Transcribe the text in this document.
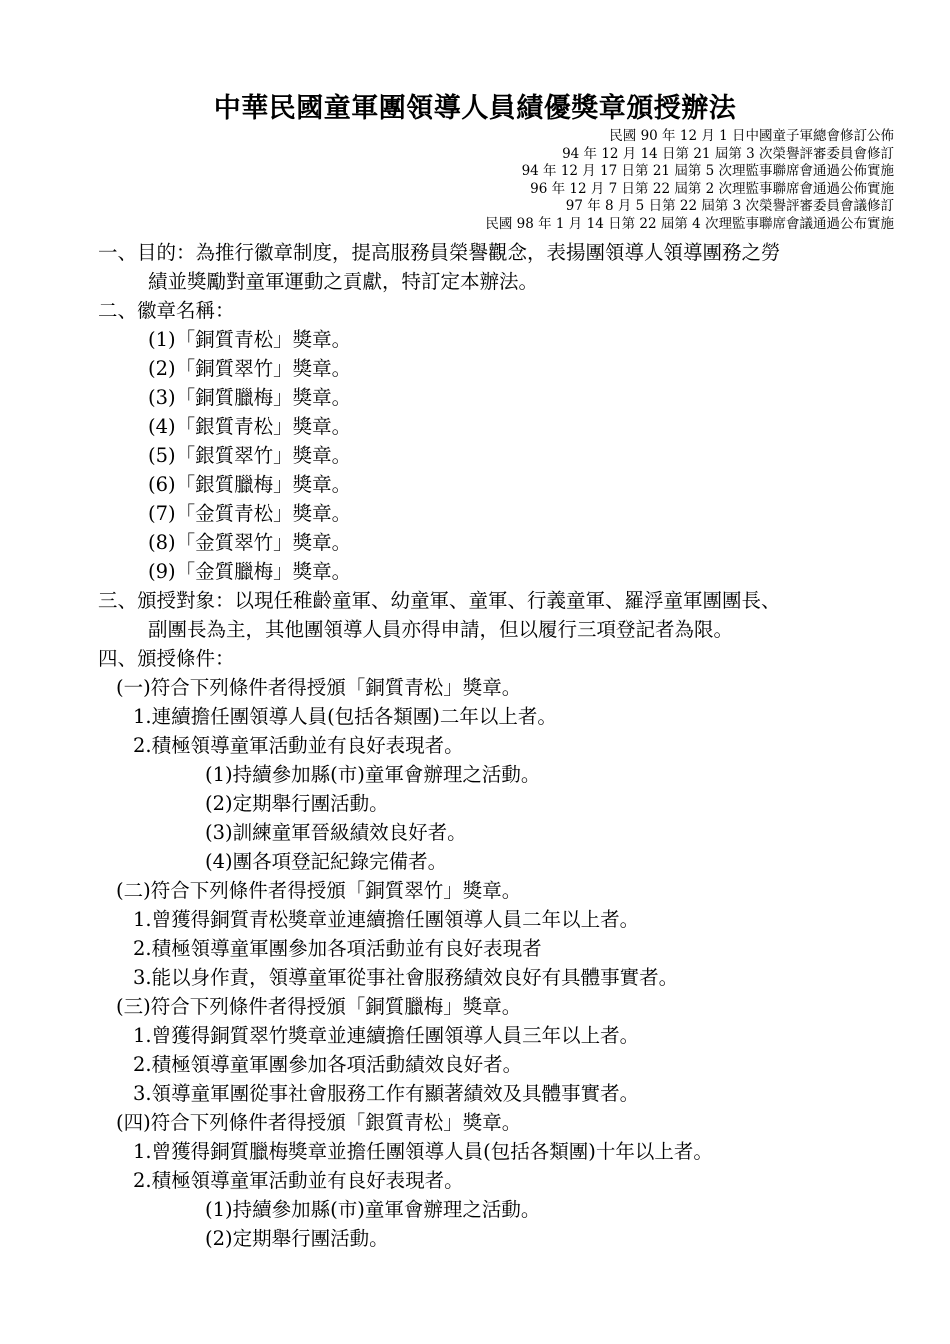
中華民國童軍團領導人員績優獎章頒授辦法
民國 90 年 12 月 1 日中國童子軍總會修訂公佈
94 年 12 月 14 日第 21 屆第 3 次榮譽評審委員會修訂
94 年 12 月 17 日第 21 屆第 5 次理監事聯席會通過公佈實施
96 年 12 月 7 日第 22 屆第 2 次理監事聯席會通過公佈實施
97 年 8 月 5 日第 22 屆第 3 次榮譽評審委員會議修訂
民國 98 年 1 月 14 日第 22 屆第 4 次理監事聯席會議通過公布實施
一、目的：為推行徽章制度，提高服務員榮譽觀念，表揚團領導人領導團務之勞
績並獎勵對童軍運動之貢獻，特訂定本辦法。
二、徽章名稱：
(1)「銅質青松」獎章。
(2)「銅質翠竹」獎章。
(3)「銅質臘梅」獎章。
(4)「銀質青松」獎章。
(5)「銀質翠竹」獎章。
(6)「銀質臘梅」獎章。
(7)「金質青松」獎章。
(8)「金質翠竹」獎章。
(9)「金質臘梅」獎章。
三、頒授對象：以現任稚齡童軍、幼童軍、童軍、行義童軍、羅浮童軍團團長、
副團長為主，其他團領導人員亦得申請，但以履行三項登記者為限。
四、頒授條件：
(一)符合下列條件者得授頒「銅質青松」獎章。
1.連續擔任團領導人員(包括各類團)二年以上者。
2.積極領導童軍活動並有良好表現者。
(1)持續參加縣(市)童軍會辦理之活動。
(2)定期舉行團活動。
(3)訓練童軍晉級績效良好者。
(4)團各項登記紀錄完備者。
(二)符合下列條件者得授頒「銅質翠竹」獎章。
1.曾獲得銅質青松獎章並連續擔任團領導人員二年以上者。
2.積極領導童軍團參加各項活動並有良好表現者
3.能以身作責，領導童軍從事社會服務績效良好有具體事實者。
(三)符合下列條件者得授頒「銅質臘梅」獎章。
1.曾獲得銅質翠竹獎章並連續擔任團領導人員三年以上者。
2.積極領導童軍團參加各項活動績效良好者。
3.領導童軍團從事社會服務工作有顯著績效及具體事實者。
(四)符合下列條件者得授頒「銀質青松」獎章。
1.曾獲得銅質臘梅獎章並擔任團領導人員(包括各類團)十年以上者。
2.積極領導童軍活動並有良好表現者。
(1)持續參加縣(市)童軍會辦理之活動。
(2)定期舉行團活動。
